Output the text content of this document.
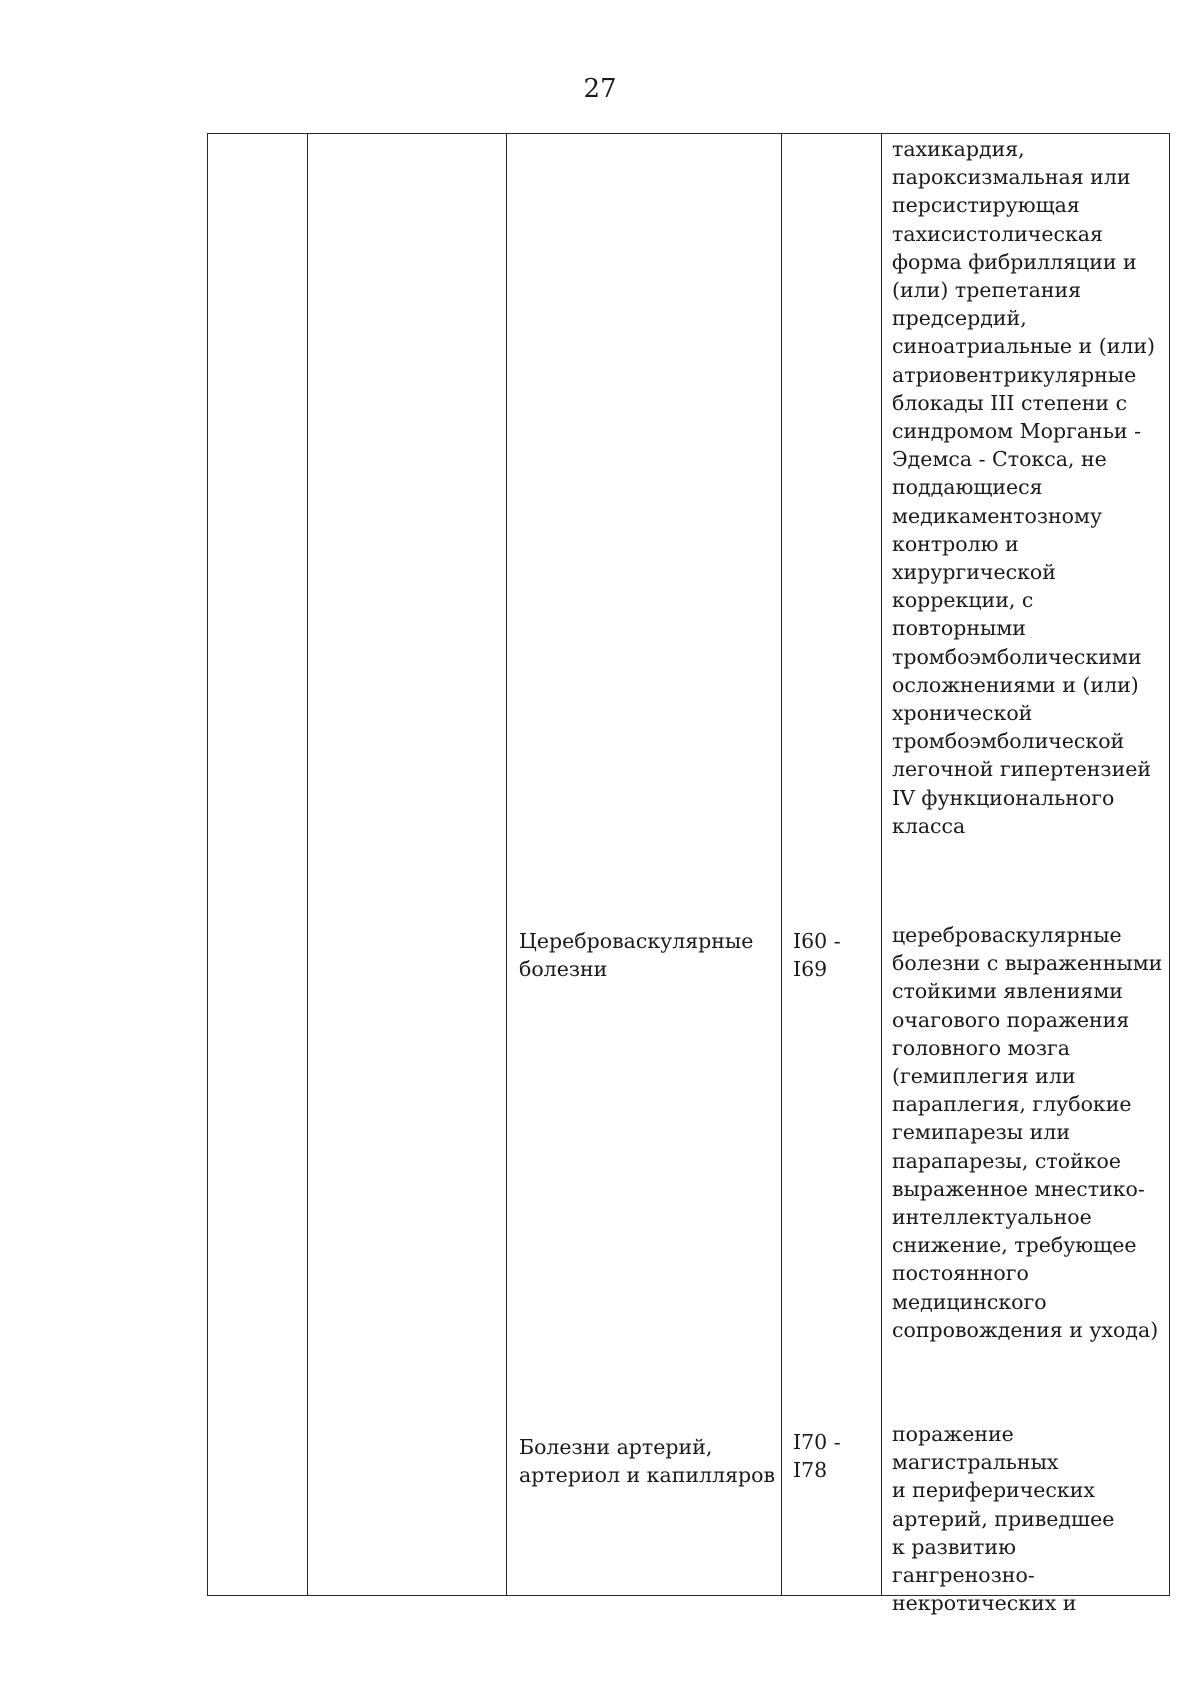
27
тахикардия,
пароксизмальная или
персистирующая
тахисистолическая
форма фибрилляции и
(или) трепетания
предсердий,
синоатриальные и (или)
атриовентрикулярные
блокады III степени с
синдромом Морганьи -
Эдемса - Стокса, не
поддающиеся
медикаментозному
контролю и
хирургической
коррекции, с
повторными
тромбоэмболическими
осложнениями и (или)
хронической
тромбоэмболической
легочной гипертензией
IV функционального
класса
Цереброваскулярные
болезни
I60 -
I69
цереброваскулярные
болезни с выраженными
стойкими явлениями
очагового поражения
головного мозга
(гемиплегия или
параплегия, глубокие
гемипарезы или
парапарезы, стойкое
выраженное мнестико-
интеллектуальное
снижение, требующее
постоянного
медицинского
сопровождения и ухода)
Болезни артерий,
артериол и капилляров
I70 -
I78
поражение
магистральных
и периферических
артерий, приведшее
к развитию гангренозно-
некротических и
